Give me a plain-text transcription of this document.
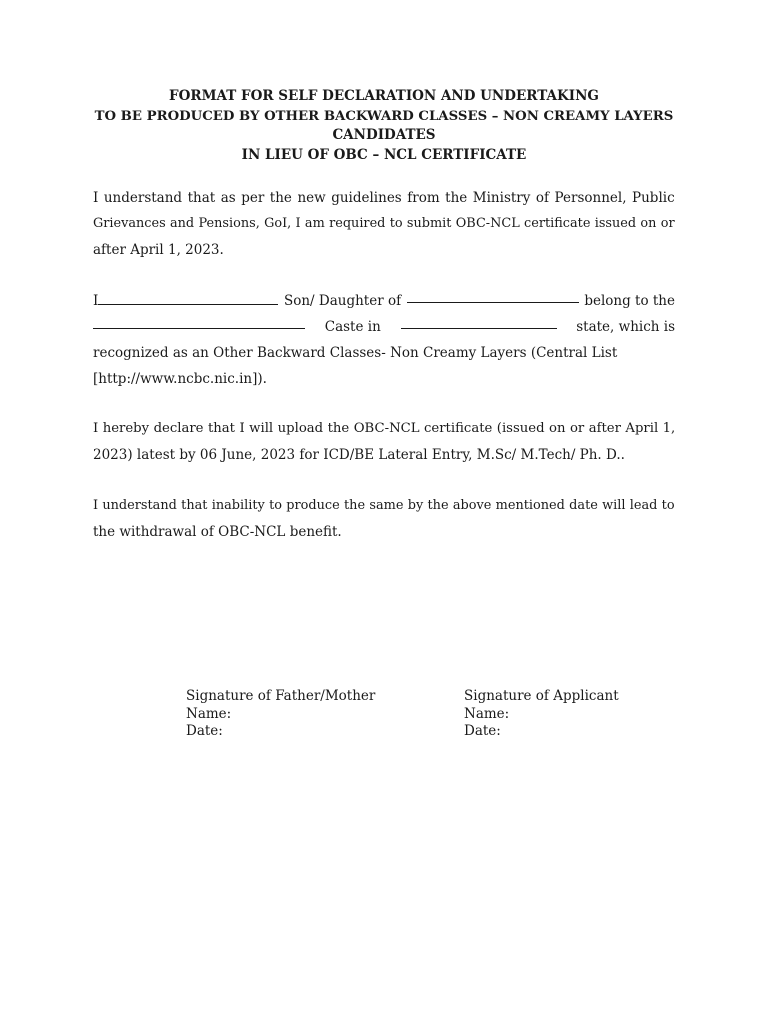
FORMAT FOR SELF DECLARATION AND UNDERTAKING
TO BE PRODUCED BY OTHER BACKWARD CLASSES – NON CREAMY LAYERS
CANDIDATES
IN LIEU OF OBC – NCL CERTIFICATE
I understand that as per the new guidelines from the Ministry of Personnel, Public
Grievances and Pensions, GoI, I am required to submit OBC-NCL certificate issued on or
after April 1, 2023.
I	Son/ Daughter of	belong to the
Caste in	state, which is
recognized as an Other Backward Classes- Non Creamy Layers (Central List
[http://www.ncbc.nic.in]).
I hereby declare that I will upload the OBC-NCL certificate (issued on or after April 1,
2023) latest by 06 June, 2023 for ICD/BE Lateral Entry, M.Sc/ M.Tech/ Ph. D..
I understand that inability to produce the same by the above mentioned date will lead to
the withdrawal of OBC-NCL benefit.
Signature of Father/Mother
Name:
Date:
Signature of Applicant
Name:
Date:
